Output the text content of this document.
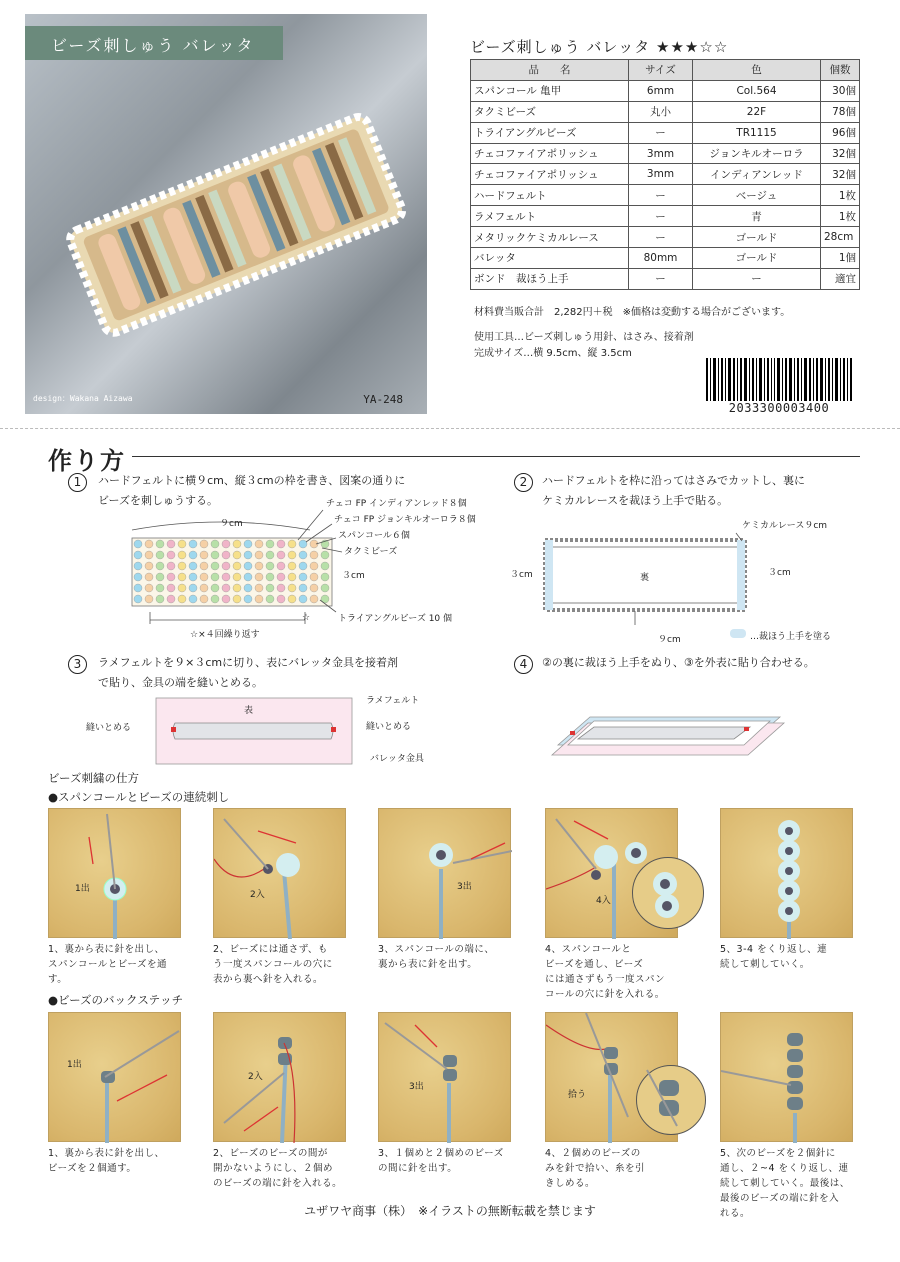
ビーズ刺しゅう バレッタ
design：Wakana Aizawa	YA-248
ビーズ刺しゅう バレッタ ★★★☆☆
品　　名	サイズ	色	個数
スパンコール 亀甲	6mm	Col.564	30個
タクミビーズ	丸小	22F	78個
トライアングルビーズ	ー	TR1115	96個
チェコファイアポリッシュ	3mm	ジョンキルオーロラ	32個
チェコファイアポリッシュ	3mm	インディアンレッド	32個
ハードフェルト	ー	ベージュ	1枚
ラメフェルト	ー	青	1枚
メタリックケミカルレース	ー	ゴールド	28cm
バレッタ	80mm	ゴールド	1個
ボンド　裁ほう上手	ー	ー	適宜
材料費当販合計　2,282円＋税　※価格は変動する場合がございます。
使用工具…ビーズ刺しゅう用針、はさみ、接着剤
完成サイズ…横 9.5cm、縦 3.5cm
2033300003400
作り方
1	ハードフェルトに横９cm、縦３cmの枠を書き、図案の通りに
ビーズを刺しゅうする。
９cm
３cm
チェコ FP インディアンレッド８個
チェコ FP ジョンキルオーロラ８個
スパンコール６個
タクミビーズ
トライアングルビーズ 10 個
☆
☆×４回繰り返す
2	ハードフェルトを枠に沿ってはさみでカットし、裏に
ケミカルレースを裁ほう上手で貼る。
ケミカルレース９cm
３cm	３cm
裏
９cm	…裁ほう上手を塗る
3	ラメフェルトを９×３cmに切り、表にバレッタ金具を接着剤
で貼り、金具の端を縫いとめる。
表
ラメフェルト
縫いとめる	縫いとめる
バレッタ金具
4	②の裏に裁ほう上手をぬり、③を外表に貼り合わせる。
ビーズ刺繍の仕方
●スパンコールとビーズの連続刺し
1出
2入
3出
4入
1、裏から表に針を出し、
スパンコールとビーズを通
す。
2、ビーズには通さず、も
う一度スパンコールの穴に
表から裏へ針を入れる。
3、スパンコールの端に、
裏から表に針を出す。
4、スパンコールと
ビーズを通し、ビーズ
には通さずもう一度スパン
コールの穴に針を入れる。
5、3-4 をくり返し、連
続して刺していく。
●ビーズのバックステッチ
1出
2入
3出
拾う
1、裏から表に針を出し、
ビーズを２個通す。
2、ビーズのビーズの間が
開かないようにし、２個め
のビーズの端に針を入れる。
3、１個めと２個めのビーズ
の間に針を出す。
4、２個めのビーズの
みを針で拾い、糸を引
きしめる。
5、次のビーズを２個針に
通し、２~4 をくり返し、連
続して刺していく。最後は、
最後のビーズの端に針を入
れる。
ユザワヤ商事（株）　※イラストの無断転載を禁じます
